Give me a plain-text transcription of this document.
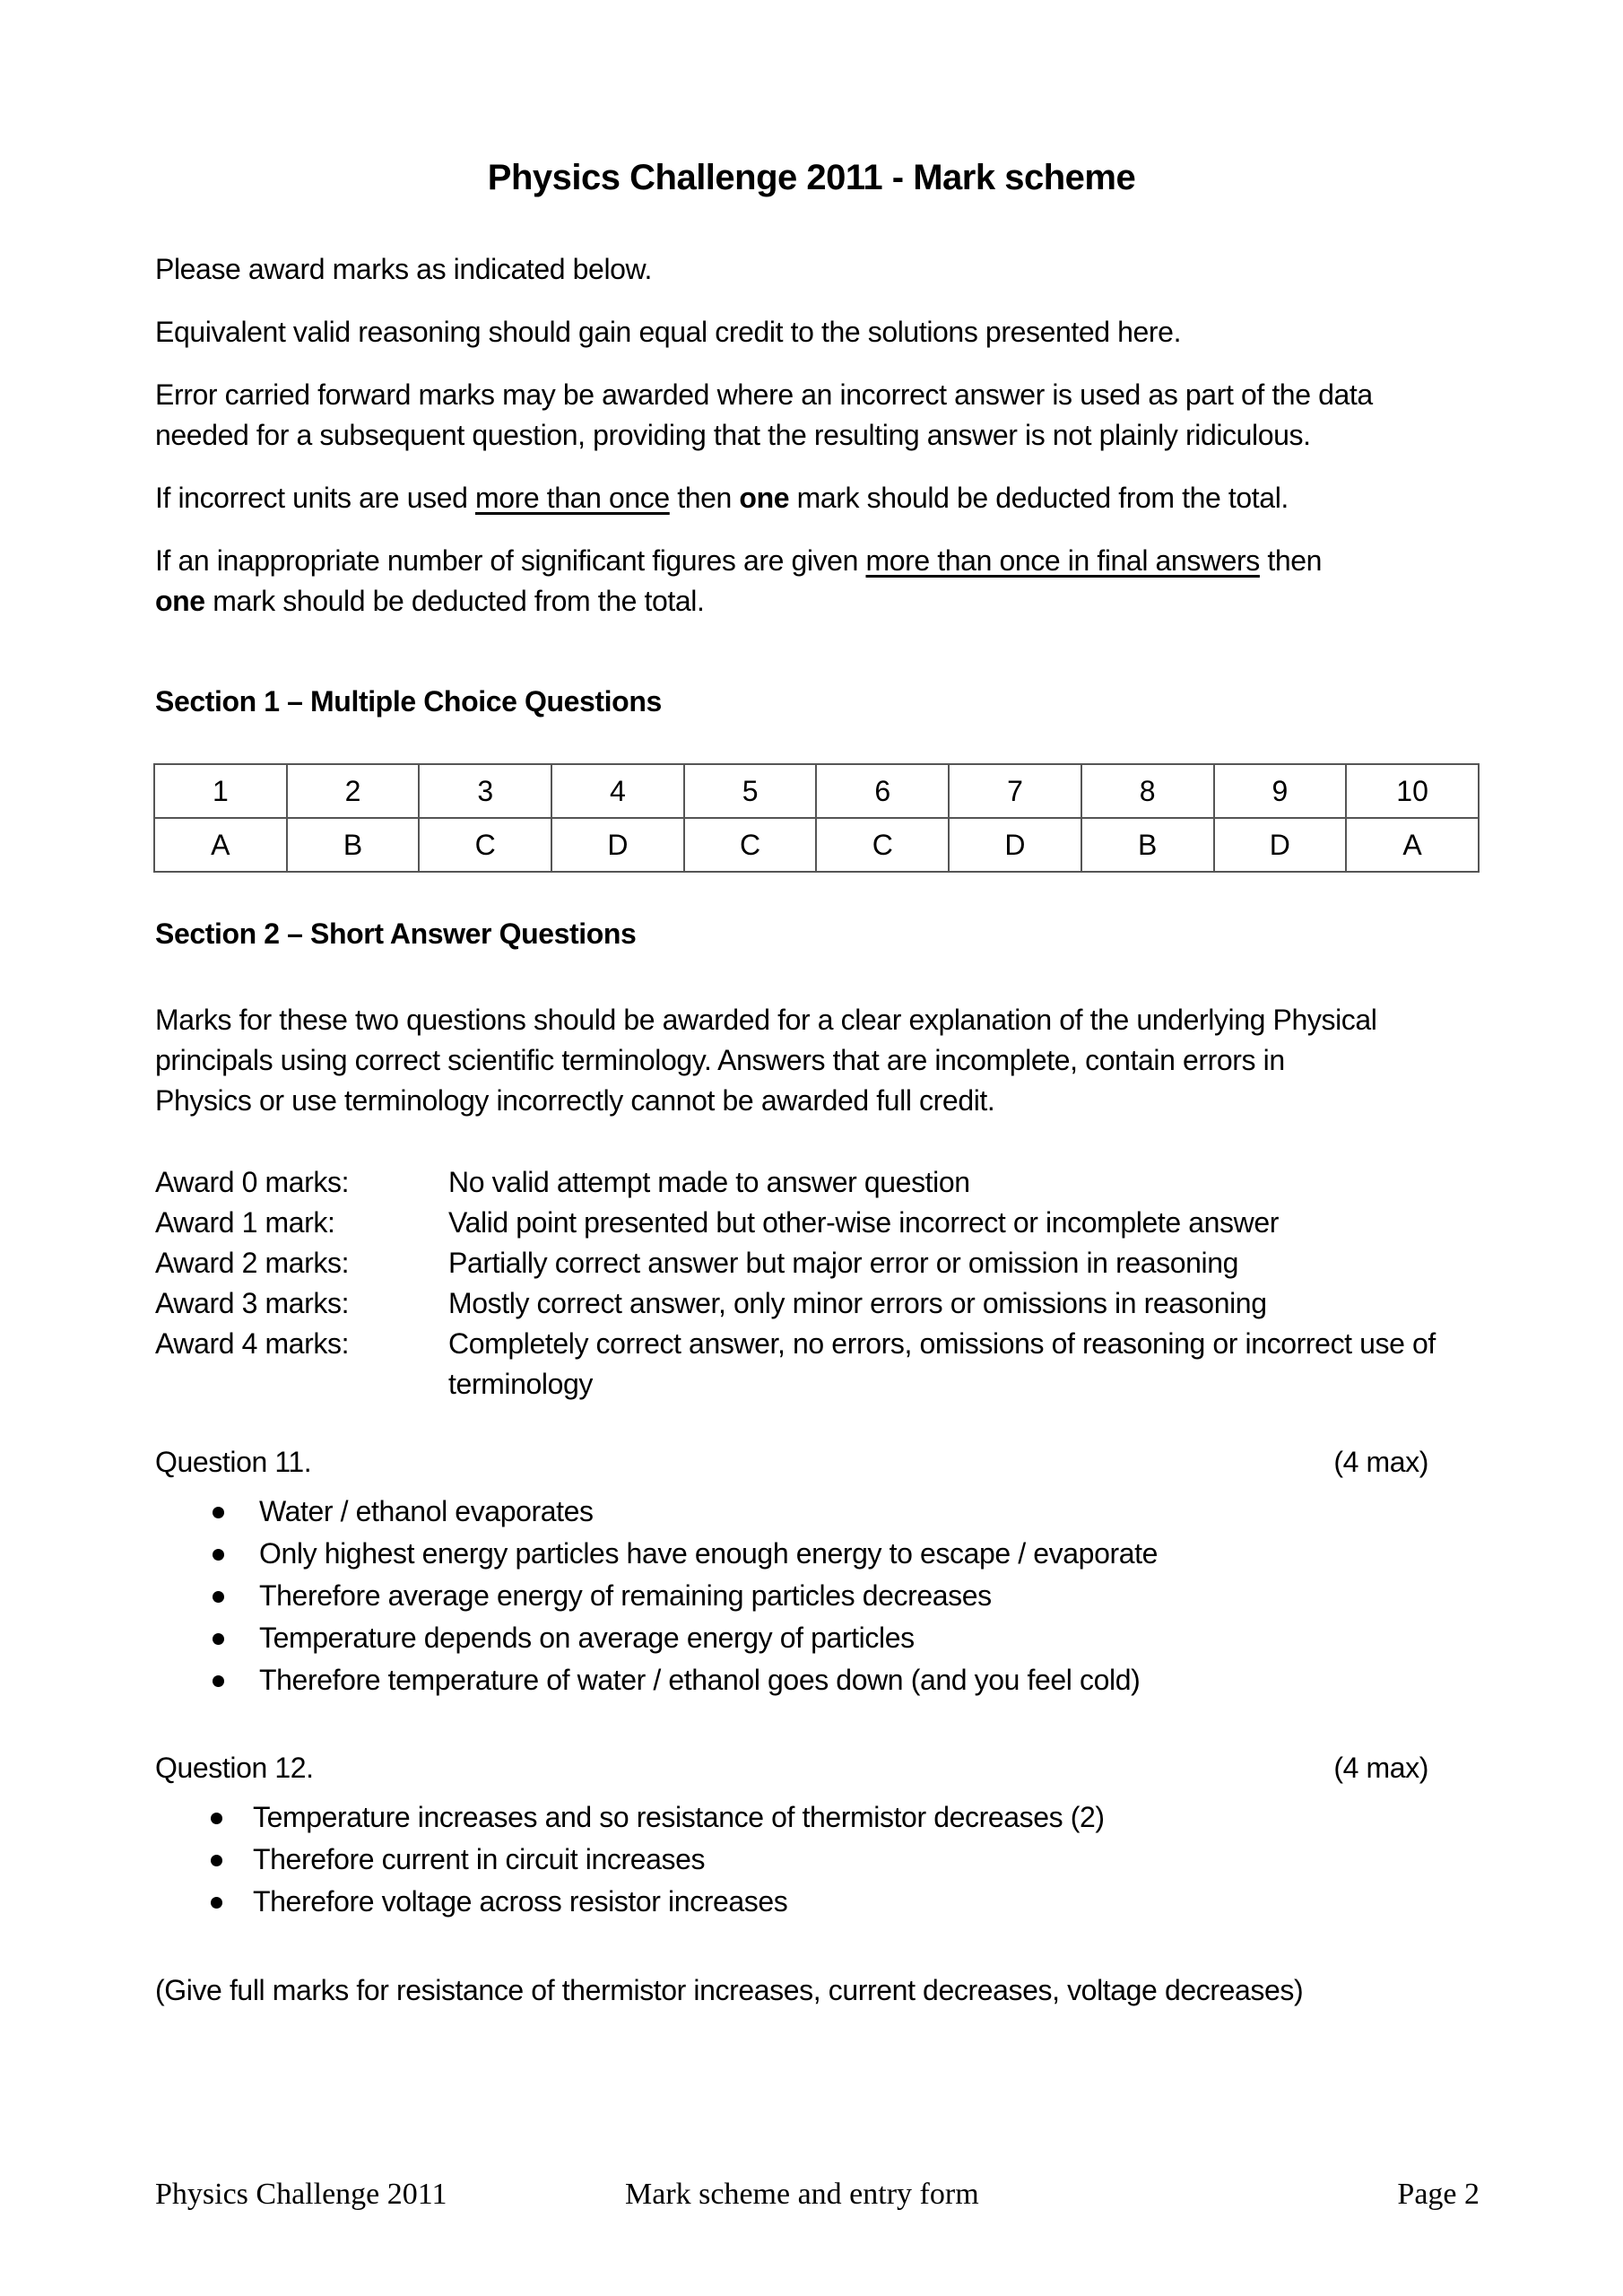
Physics Challenge 2011 - Mark scheme
Please award marks as indicated below.
Equivalent valid reasoning should gain equal credit to the solutions presented here.
Error carried forward marks may be awarded where an incorrect answer is used as part of the data
needed for a subsequent question, providing that the resulting answer is not plainly ridiculous.
If incorrect units are used more than once then one mark should be deducted from the total.
If an inappropriate number of significant figures are given more than once in final answers then
one mark should be deducted from the total.
Section 1 – Multiple Choice Questions
1	2	3	4	5	6	7	8	9	10
A	B	C	D	C	C	D	B	D	A
Section 2 – Short Answer Questions
Marks for these two questions should be awarded for a clear explanation of the underlying Physical
principals using correct scientific terminology. Answers that are incomplete, contain errors in
Physics or use terminology incorrectly cannot be awarded full credit.
Award 0 marks:	No valid attempt made to answer question
Award 1 mark:	Valid point presented but other-wise incorrect or incomplete answer
Award 2 marks:	Partially correct answer but major error or omission in reasoning
Award 3 marks:	Mostly correct answer, only minor errors or omissions in reasoning
Award 4 marks:	Completely correct answer, no errors, omissions of reasoning or incorrect use of terminology
Question 11.	(4 max)
Water / ethanol evaporates
Only highest energy particles have enough energy to escape / evaporate
Therefore average energy of remaining particles decreases
Temperature depends on average energy of particles
Therefore temperature of water / ethanol goes down (and you feel cold)
Question 12.	(4 max)
Temperature increases and so resistance of thermistor decreases (2)
Therefore current in circuit increases
Therefore voltage across resistor increases
(Give full marks for resistance of thermistor increases, current decreases, voltage decreases)
Physics Challenge 2011	Mark scheme and entry form	Page 2
